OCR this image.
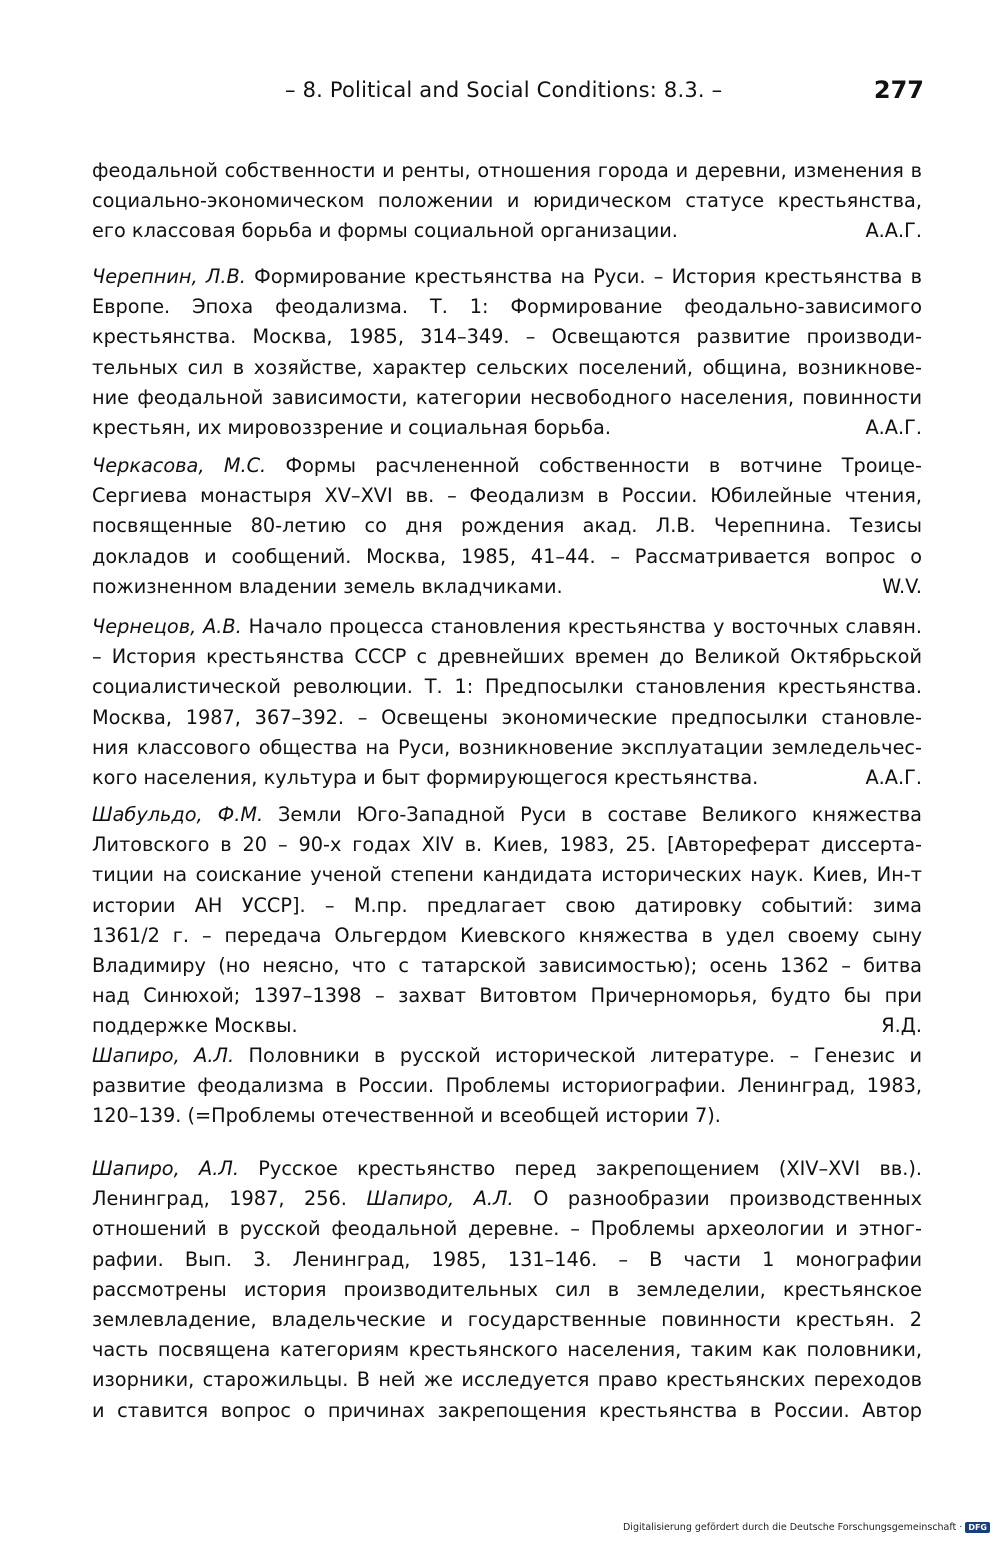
– 8. Political and Social Conditions: 8.3. –	277
феодальной собственности и ренты, отношения города и деревни, изменения в
социально-экономическом положении и юридическом статусе крестьянства,
его классовая борьба и формы социальной организации.	А.А.Г.
Черепнин, Л.В. Формирование крестьянства на Руси. – История крестьянства в
Европе. Эпоха феодализма. Т. 1: Формирование феодально-зависимого
крестьянства. Москва, 1985, 314–349. – Освещаются развитие производи-
тельных сил в хозяйстве, характер сельских поселений, община, возникнове-
ние феодальной зависимости, категории несвободного населения, повинности
крестьян, их мировоззрение и социальная борьба.	А.А.Г.
Черкасова, М.С. Формы расчлененной собственности в вотчине Троице-
Сергиева монастыря XV–XVI вв. – Феодализм в России. Юбилейные чтения,
посвященные 80-летию со дня рождения акад. Л.В. Черепнина. Тезисы
докладов и сообщений. Москва, 1985, 41–44. – Рассматривается вопрос о
пожизненном владении земель вкладчиками.	W.V.
Чернецов, А.В. Начало процесса становления крестьянства у восточных славян.
– История крестьянства СССР с древнейших времен до Великой Октябрьской
социалистической революции. Т. 1: Предпосылки становления крестьянства.
Москва, 1987, 367–392. – Освещены экономические предпосылки становле-
ния классового общества на Руси, возникновение эксплуатации земледельчес-
кого населения, культура и быт формирующегося крестьянства.	А.А.Г.
Шабульдо, Ф.М. Земли Юго-Западной Руси в составе Великого княжества
Литовского в 20 – 90-х годах XIV в. Киев, 1983, 25. [Автореферат диссерта-
тиции на соискание ученой степени кандидата исторических наук. Киев, Ин-т
истории АН УССР]. – М.пр. предлагает свою датировку событий: зима
1361/2 г. – передача Ольгердом Киевского княжества в удел своему сыну
Владимиру (но неясно, что с татарской зависимостью); осень 1362 – битва
над Синюхой; 1397–1398 – захват Витовтом Причерноморья, будто бы при
поддержке Москвы.	Я.Д.
Шапиро, А.Л. Половники в русской исторической литературе. – Генезис и
развитие феодализма в России. Проблемы историографии. Ленинград, 1983,
120–139. (=Проблемы отечественной и всеобщей истории 7).
Шапиро, А.Л. Русское крестьянство перед закрепощением (XIV–XVI вв.).
Ленинград, 1987, 256. Шапиро, А.Л. О разнообразии производственных
отношений в русской феодальной деревне. – Проблемы археологии и этног-
рафии. Вып. 3. Ленинград, 1985, 131–146. – В части 1 монографии
рассмотрены история производительных сил в земледелии, крестьянское
землевладение, владельческие и государственные повинности крестьян. 2
часть посвящена категориям крестьянского населения, таким как половники,
изорники, старожильцы. В ней же исследуется право крестьянских переходов
и ставится вопрос о причинах закрепощения крестьянства в России. Автор
Digitalisierung gefördert durch die Deutsche Forschungsgemeinschaft · DFG
